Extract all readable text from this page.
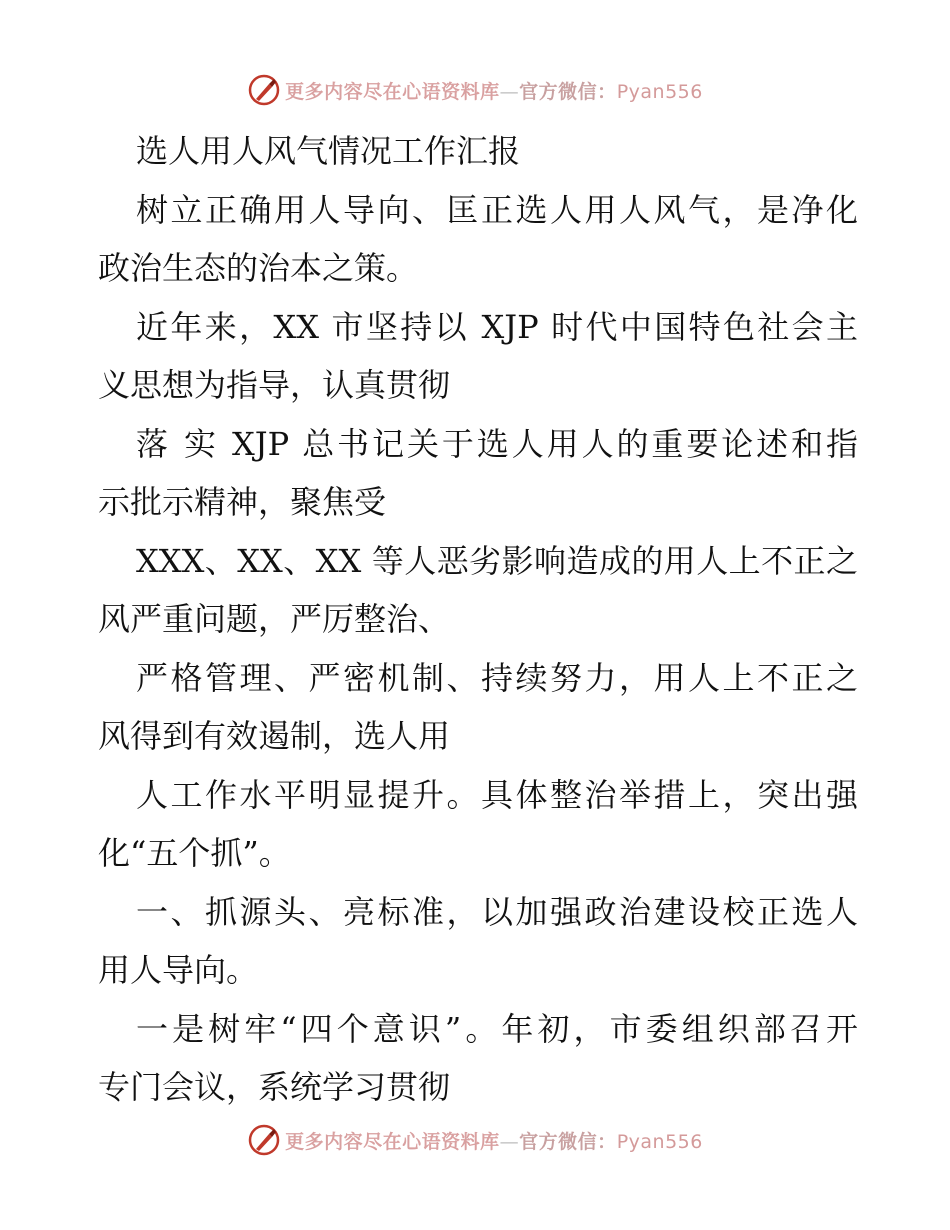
更多内容尽在心语资料库—官方微信：Pyan556
选人用人风气情况工作汇报
树立正确用人导向、匡正选人用人风气，是净化
政治生态的治本之策。
近年来，XX 市坚持以 XJP 时代中国特色社会主
义思想为指导，认真贯彻
落 实 XJP 总书记关于选人用人的重要论述和指
示批示精神，聚焦受
XXX、XX、XX 等人恶劣影响造成的用人上不正之
风严重问题，严厉整治、
严格管理、严密机制、持续努力，用人上不正之
风得到有效遏制，选人用
人工作水平明显提升。具体整治举措上，突出强
化“五个抓”。
一、抓源头、亮标准，以加强政治建设校正选人
用人导向。
一是树牢“四个意识”。年初，市委组织部召开
专门会议，系统学习贯彻
更多内容尽在心语资料库—官方微信：Pyan556
